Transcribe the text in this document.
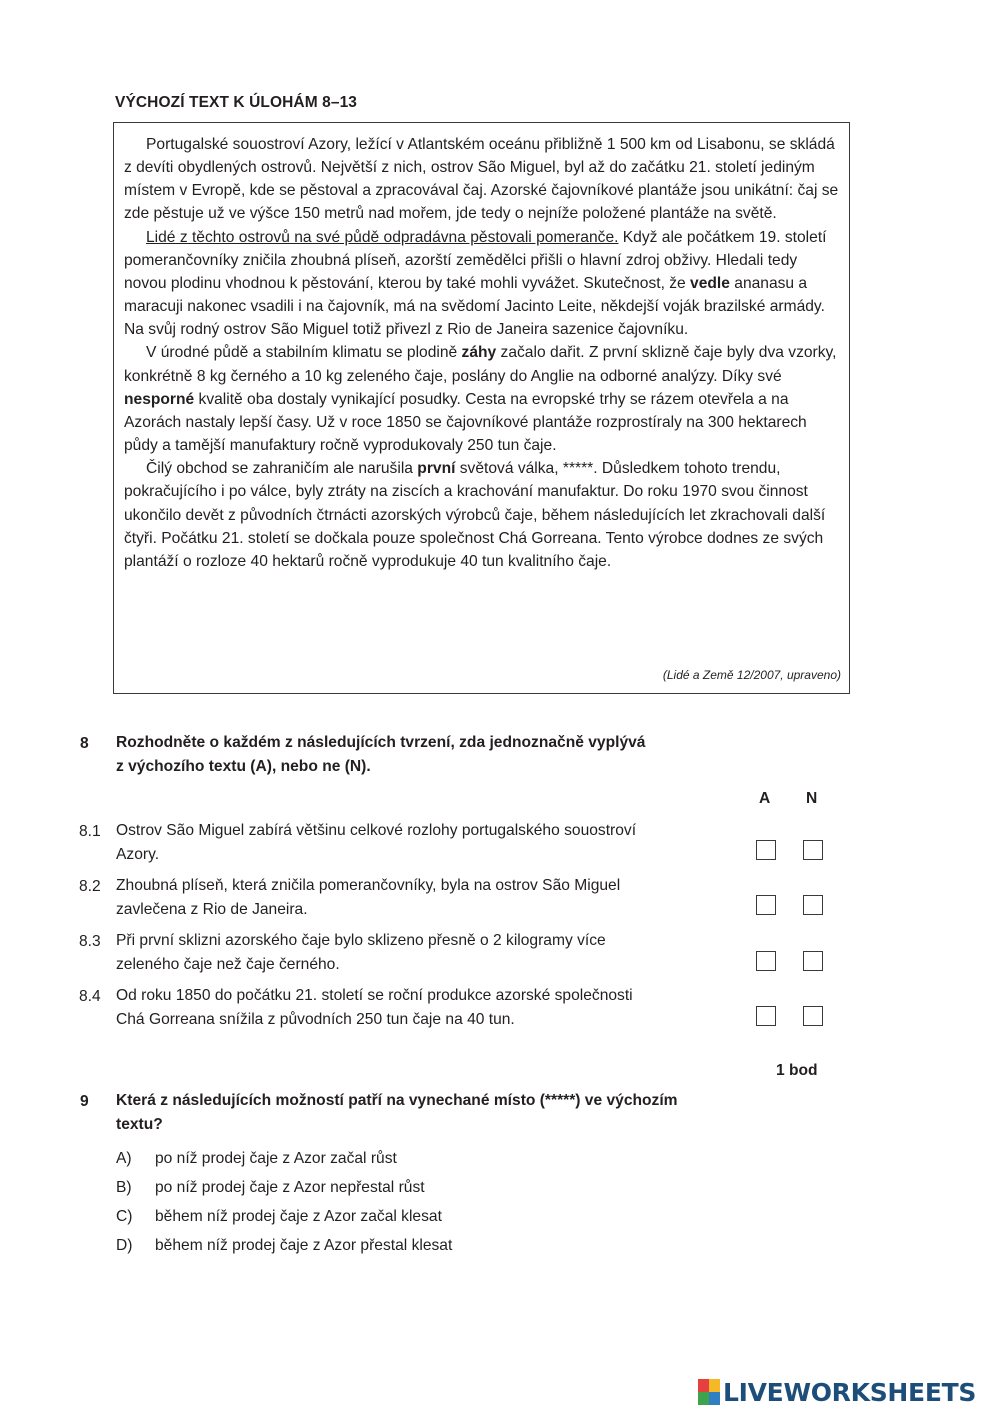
VÝCHOZÍ TEXT K ÚLOHÁM 8–13

Portugalské souostroví Azory, ležící v Atlantském oceánu přibližně 1 500 km od Lisabonu, se skládá z devíti obydlených ostrovů. Největší z nich, ostrov São Miguel, byl až do začátku 21. století jediným místem v Evropě, kde se pěstoval a zpracovával čaj. Azorské čajovníkové plantáže jsou unikátní: čaj se zde pěstuje už ve výšce 150 metrů nad mořem, jde tedy o nejníže položené plantáže na světě.

Lidé z těchto ostrovů na své půdě odpradávna pěstovali pomeranče. Když ale počátkem 19. století pomerančovníky zničila zhoubná plíseň, azorští zemědělci přišli o hlavní zdroj obživy. Hledali tedy novou plodinu vhodnou k pěstování, kterou by také mohli vyvážet. Skutečnost, že vedle ananasu a maracuji nakonec vsadili i na čajovník, má na svědomí Jacinto Leite, někdejší voják brazilské armády. Na svůj rodný ostrov São Miguel totiž přivezl z Rio de Janeira sazenice čajovníku.

V úrodné půdě a stabilním klimatu se plodině záhy začalo dařit. Z první sklizně čaje byly dva vzorky, konkrétně 8 kg černého a 10 kg zeleného čaje, poslány do Anglie na odborné analýzy. Díky své nesporné kvalitě oba dostaly vynikající posudky. Cesta na evropské trhy se rázem otevřela a na Azorách nastaly lepší časy. Už v roce 1850 se čajovníkové plantáže rozprostíraly na 300 hektarech půdy a tamější manufaktury ročně vyprodukovaly 250 tun čaje.

Čilý obchod se zahraničím ale narušila první světová válka, *****. Důsledkem tohoto trendu, pokračujícího i po válce, byly ztráty na ziscích a krachování manufaktur. Do roku 1970 svou činnost ukončilo devět z původních čtrnácti azorských výrobců čaje, během následujících let zkrachovali další čtyři. Počátku 21. století se dočkala pouze společnost Chá Gorreana. Tento výrobce dodnes ze svých plantáží o rozloze 40 hektarů ročně vyprodukuje 40 tun kvalitního čaje.

(Lidé a Země 12/2007, upraveno)
8 Rozhodněte o každém z následujících tvrzení, zda jednoznačně vyplývá
z výchozího textu (A), nebo ne (N).
A N
8.1 Ostrov São Miguel zabírá většinu celkové rozlohy portugalského souostroví
Azory.
8.2 Zhoubná plíseň, která zničila pomerančovníky, byla na ostrov São Miguel
zavlečena z Rio de Janeira.
8.3 Při první sklizni azorského čaje bylo sklizeno přesně o 2 kilogramy více
zeleného čaje než čaje černého.
8.4 Od roku 1850 do počátku 21. století se roční produkce azorské společnosti
Chá Gorreana snížila z původních 250 tun čaje na 40 tun.
1 bod
9 Která z následujících možností patří na vynechané místo (*****) ve výchozím
textu?
A) po níž prodej čaje z Azor začal růst
B) po níž prodej čaje z Azor nepřestal růst
C) během níž prodej čaje z Azor začal klesat
D) během níž prodej čaje z Azor přestal klesat
LIVEWORKSHEETS
